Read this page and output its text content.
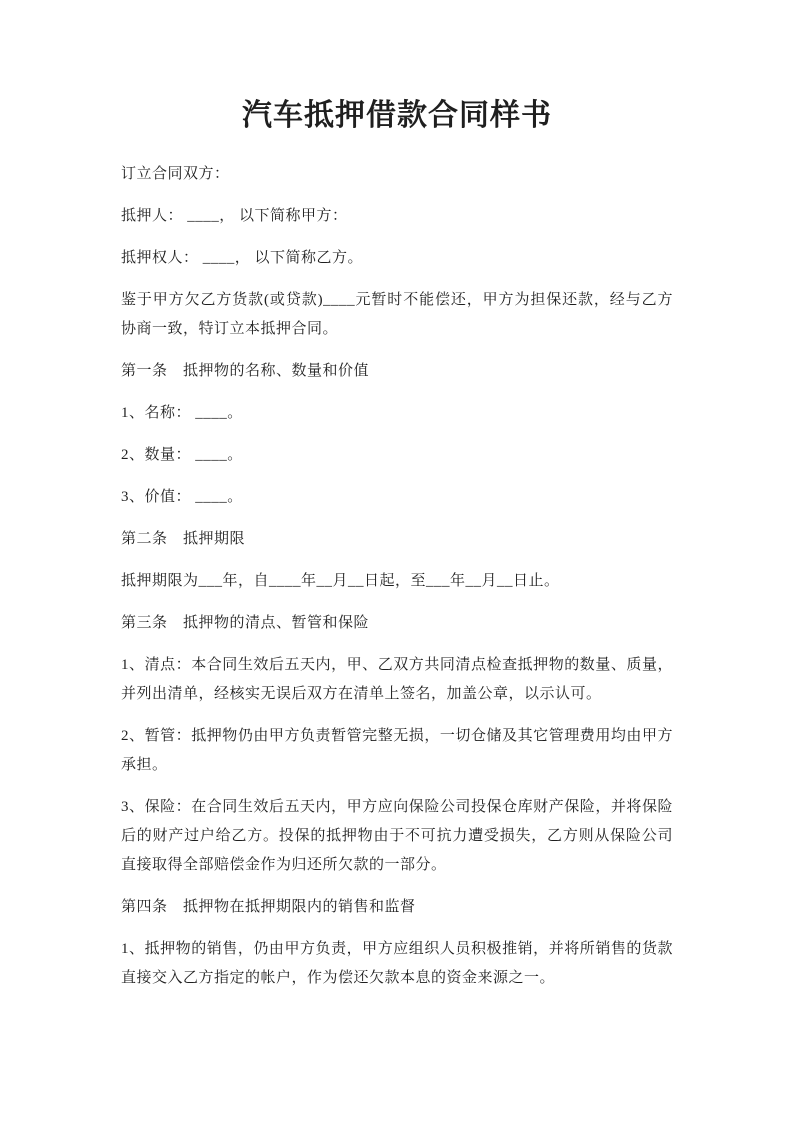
汽车抵押借款合同样书

订立合同双方：

抵押人： ____， 以下简称甲方：

抵押权人： ____， 以下简称乙方。

鉴于甲方欠乙方货款(或贷款)____元暂时不能偿还，甲方为担保还款，经与乙方协商一致，特订立本抵押合同。

第一条　抵押物的名称、数量和价值

1、名称： ____。

2、数量： ____。

3、价值： ____。

第二条　抵押期限

抵押期限为___年，自____年__月__日起，至___年__月__日止。

第三条　抵押物的清点、暂管和保险

1、清点：本合同生效后五天内，甲、乙双方共同清点检查抵押物的数量、质量，并列出清单，经核实无误后双方在清单上签名，加盖公章，以示认可。

2、暂管：抵押物仍由甲方负责暂管完整无损，一切仓储及其它管理费用均由甲方承担。

3、保险：在合同生效后五天内，甲方应向保险公司投保仓库财产保险，并将保险后的财产过户给乙方。投保的抵押物由于不可抗力遭受损失，乙方则从保险公司直接取得全部赔偿金作为归还所欠款的一部分。

第四条　抵押物在抵押期限内的销售和监督

1、抵押物的销售，仍由甲方负责，甲方应组织人员积极推销，并将所销售的货款直接交入乙方指定的帐户，作为偿还欠款本息的资金来源之一。
